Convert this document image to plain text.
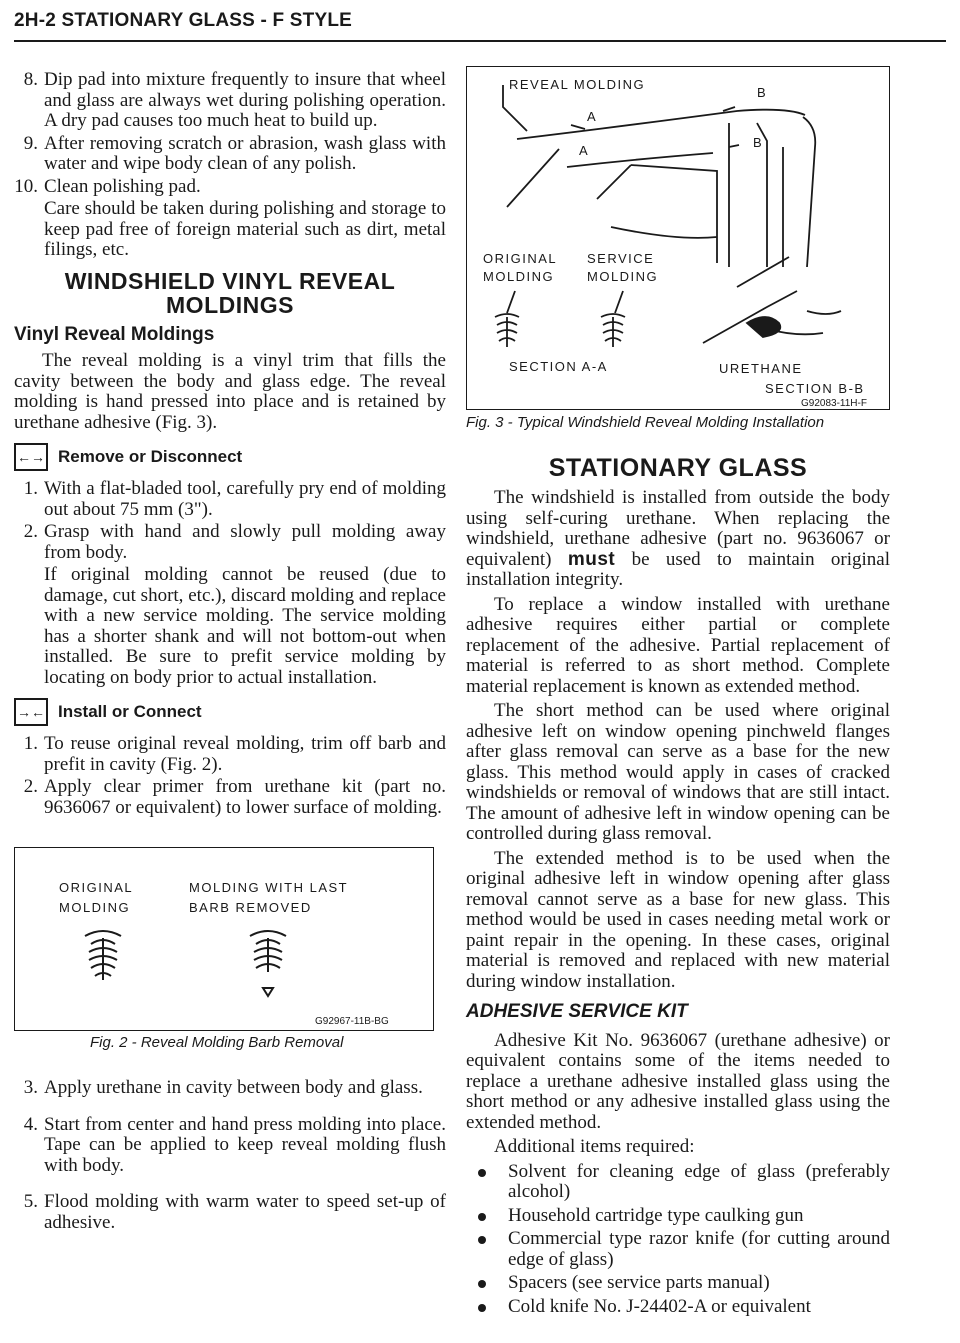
2H-2 STATIONARY GLASS - F STYLE
8. Dip pad into mixture frequently to insure that wheel and glass are always wet during polishing operation. A dry pad causes too much heat to build up.
9. After removing scratch or abrasion, wash glass with water and wipe body clean of any polish.
10. Clean polishing pad.

Care should be taken during polishing and storage to keep pad free of foreign material such as dirt, metal filings, etc.

WINDSHIELD VINYL REVEAL MOLDINGS
Vinyl Reveal Moldings

The reveal molding is a vinyl trim that fills the cavity between the body and glass edge. The reveal molding is hand pressed into place and is retained by urethane adhesive (Fig. 3).

←→ Remove or Disconnect
1. With a flat-bladed tool, carefully pry end of molding out about 75 mm (3").
2. Grasp with hand and slowly pull molding away from body.

If original molding cannot be reused (due to damage, cut short, etc.), discard molding and replace with a new service molding. The service molding has a shorter shank and will not bottom-out when installed. Be sure to prefit service molding by locating on body prior to actual installation.

→← Install or Connect
1. To reuse original reveal molding, trim off barb and prefit in cavity (Fig. 2).
2. Apply clear primer from urethane kit (part no. 9636067 or equivalent) to lower surface of molding.
ORIGINAL
MOLDING
MOLDING WITH LAST
BARB REMOVED
G92967-11B-BG
Fig. 2 - Reveal Molding Barb Removal
3. Apply urethane in cavity between body and glass.
4. Start from center and hand press molding into place. Tape can be applied to keep reveal molding flush with body.
5. Flood molding with warm water to speed set-up of adhesive.
REVEAL MOLDING
A
A
B
B
ORIGINAL
MOLDING
SERVICE
MOLDING
SECTION A-A	URETHANE
SECTION B-B
G92083-11H-F
Fig. 3 - Typical Windshield Reveal Molding Installation
STATIONARY GLASS

The windshield is installed from outside the body using self-curing urethane. When replacing the windshield, urethane adhesive (part no. 9636067 or equivalent) must be used to maintain original installation integrity.

To replace a window installed with urethane adhesive requires either partial or complete replacement of the adhesive. Partial replacement of material is referred to as short method. Complete material replacement is known as extended method.

The short method can be used where original adhesive left on window opening pinchweld flanges after glass removal can serve as a base for the new glass. This method would apply in cases of cracked windshields or removal of windows that are still intact. The amount of adhesive left in window opening can be controlled during glass removal.

The extended method is to be used when the original adhesive left in window opening after glass removal cannot serve as a base for new glass. This method would be used in cases needing metal work or paint repair in the opening. In these cases, original material is removed and replaced with new material during window installation.

ADHESIVE SERVICE KIT

Adhesive Kit No. 9636067 (urethane adhesive) or equivalent contains some of the items needed to replace a urethane adhesive installed glass using the short method or any adhesive installed glass using the extended method.

Additional items required:

Solvent for cleaning edge of glass (preferably alcohol)
Household cartridge type caulking gun
Commercial type razor knife (for cutting around edge of glass)
Spacers (see service parts manual)
Cold knife No. J-24402-A or equivalent
